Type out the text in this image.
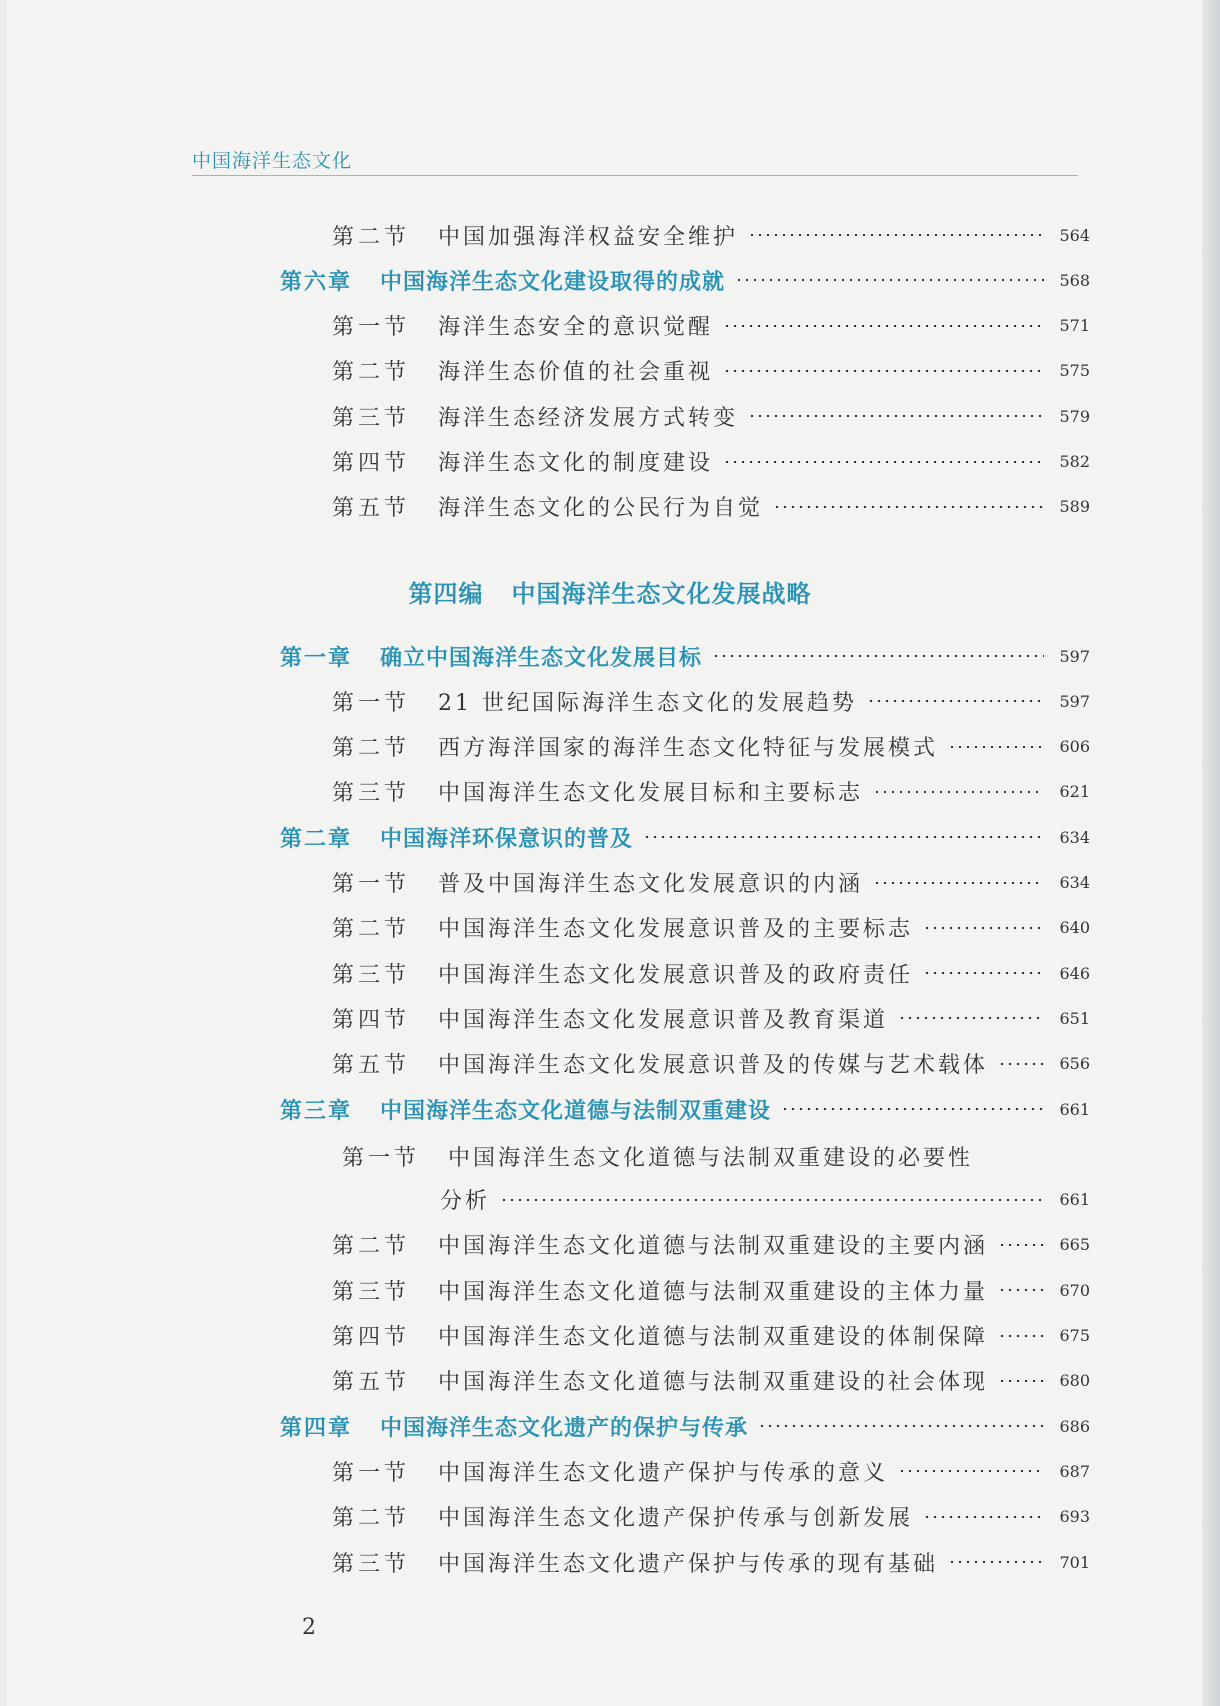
中国海洋生态文化
第二节 中国加强海洋权益安全维护	564
第六章 中国海洋生态文化建设取得的成就	568
第一节 海洋生态安全的意识觉醒	571
第二节 海洋生态价值的社会重视	575
第三节 海洋生态经济发展方式转变	579
第四节 海洋生态文化的制度建设	582
第五节 海洋生态文化的公民行为自觉	589
第一章 确立中国海洋生态文化发展目标	597
第一节 21 世纪国际海洋生态文化的发展趋势	597
第二节 西方海洋国家的海洋生态文化特征与发展模式	606
第三节 中国海洋生态文化发展目标和主要标志	621
第二章 中国海洋环保意识的普及	634
第一节 普及中国海洋生态文化发展意识的内涵	634
第二节 中国海洋生态文化发展意识普及的主要标志	640
第三节 中国海洋生态文化发展意识普及的政府责任	646
第四节 中国海洋生态文化发展意识普及教育渠道	651
第五节 中国海洋生态文化发展意识普及的传媒与艺术载体	656
第三章 中国海洋生态文化道德与法制双重建设	661
第一节 中国海洋生态文化道德与法制双重建设的必要性
分析	661
第二节 中国海洋生态文化道德与法制双重建设的主要内涵	665
第三节 中国海洋生态文化道德与法制双重建设的主体力量	670
第四节 中国海洋生态文化道德与法制双重建设的体制保障	675
第五节 中国海洋生态文化道德与法制双重建设的社会体现	680
第四章 中国海洋生态文化遗产的保护与传承	686
第一节 中国海洋生态文化遗产保护与传承的意义	687
第二节 中国海洋生态文化遗产保护传承与创新发展	693
第三节 中国海洋生态文化遗产保护与传承的现有基础	701
第四编 中国海洋生态文化发展战略
2
